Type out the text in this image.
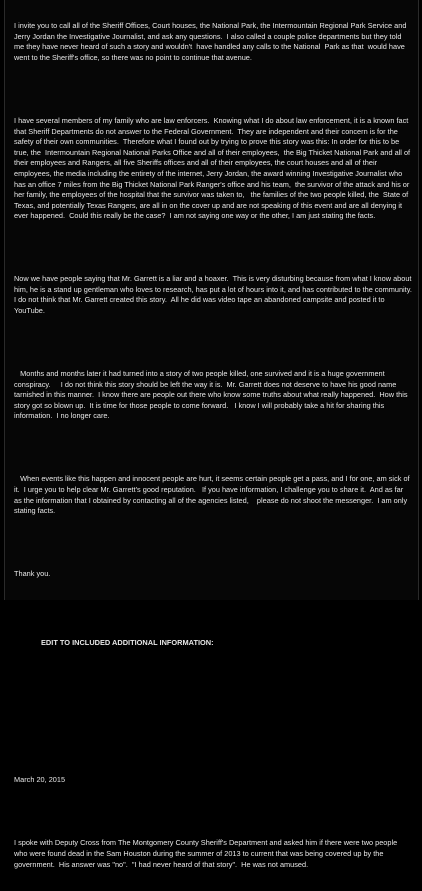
I invite you to call all of the Sheriff Offices, Court houses, the National Park, the Intermountain Regional Park Service and Jerry Jordan the Investigative Journalist, and ask any questions.  I also called a couple police departments but they told me they have never heard of such a story and wouldn't  have handled any calls to the National  Park as that  would have went to the Sheriff's office, so there was no point to continue that avenue.

I have several members of my family who are law enforcers.  Knowing what I do about law enforcement, it is a known fact that Sheriff Departments do not answer to the Federal Government.  They are independent and their concern is for the safety of their own communities.  Therefore what I found out by trying to prove this story was this: In order for this to be true, the  Intermountain Regional National Parks Office and all of their employees,  the Big Thicket National Park and all of their employees and Rangers, all five Sheriffs offices and all of their employees, the court houses and all of their employees, the media including the entirety of the internet, Jerry Jordan, the award winning Investigative Journalist who has an office 7 miles from the Big Thicket National Park Ranger's office and his team,  the survivor of the attack and his or her family, the employees of the hospital that the survivor was taken to,   the families of the two people killed, the  State of Texas, and potentially Texas Rangers, are all in on the cover up and are not speaking of this event and are all denying it ever happened.  Could this really be the case?  I am not saying one way or the other, I am just stating the facts.

Now we have people saying that Mr. Garrett is a liar and a hoaxer.  This is very disturbing because from what I know about him, he is a stand up gentleman who loves to research, has put a lot of hours into it, and has contributed to the community.  I do not think that Mr. Garrett created this story.  All he did was video tape an abandoned campsite and posted it to YouTube.

Months and months later it had turned into a story of two people killed, one survived and it is a huge government conspiracy.     I do not think this story should be left the way it is.  Mr. Garrett does not deserve to have his good name tarnished in this manner.  I know there are people out there who know some truths about what really happened.  How this story got so blown up.  It is time for those people to come forward.   I know I will probably take a hit for sharing this information.  I no longer care.

When events like this happen and innocent people are hurt, it seems certain people get a pass, and I for one, am sick of it.  I urge you to help clear Mr. Garrett's good reputation.   If you have information, I challenge you to share it.  And as far as the information that I obtained by contacting all of the agencies listed,    please do not shoot the messenger.  I am only stating facts.

Thank you.

EDIT TO INCLUDED ADDITIONAL INFORMATION:

March 20, 2015

I spoke with Deputy Cross from The Montgomery County Sheriff's Department and asked him if there were two people who were found dead in the Sam Houston during the summer of 2013 to current that was being covered up by the government.  His answer was "no".  "I had never heard of that story".  He was not amused.
